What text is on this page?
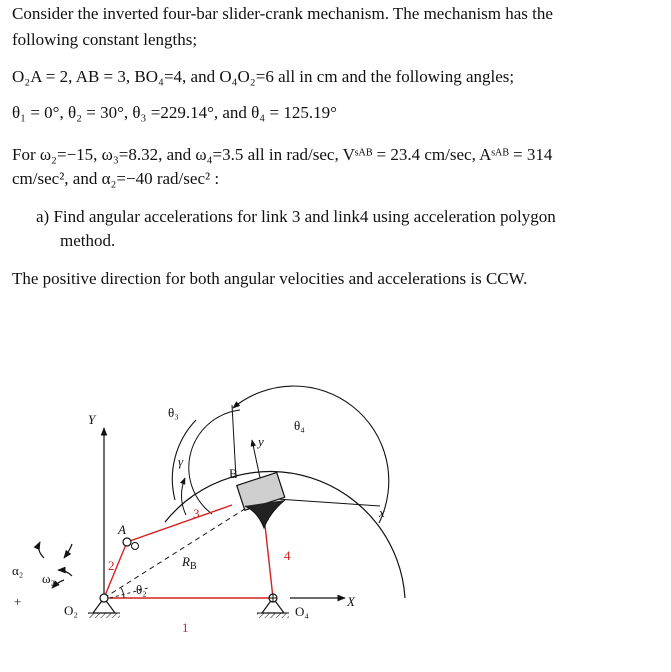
Consider the inverted four-bar slider-crank mechanism. The mechanism has the
following constant lengths;
O₂A = 2, AB = 3, BO₄=4, and O₄O₂=6 all in cm and the following angles;
θ₁ = 0°, θ₂ = 30°, θ₃ =229.14°, and θ₄ = 125.19°
For ω₂=−15, ω₃=8.32, and ω₄=3.5 all in rad/sec, Vˢᴬᴮ = 23.4 cm/sec, Aˢᴬᴮ = 314
cm/sec², and α₂=−40 rad/sec² :
a) Find angular accelerations for link 3 and link4 using acceleration polygon
method.
The positive direction for both angular velocities and accelerations is CCW.
θ₃
θ₄
γ
y
B
x
Y
A
3
2
4
1
$R_B$
α₂
ω₂
+
θ₂
X
O₂	O₄
